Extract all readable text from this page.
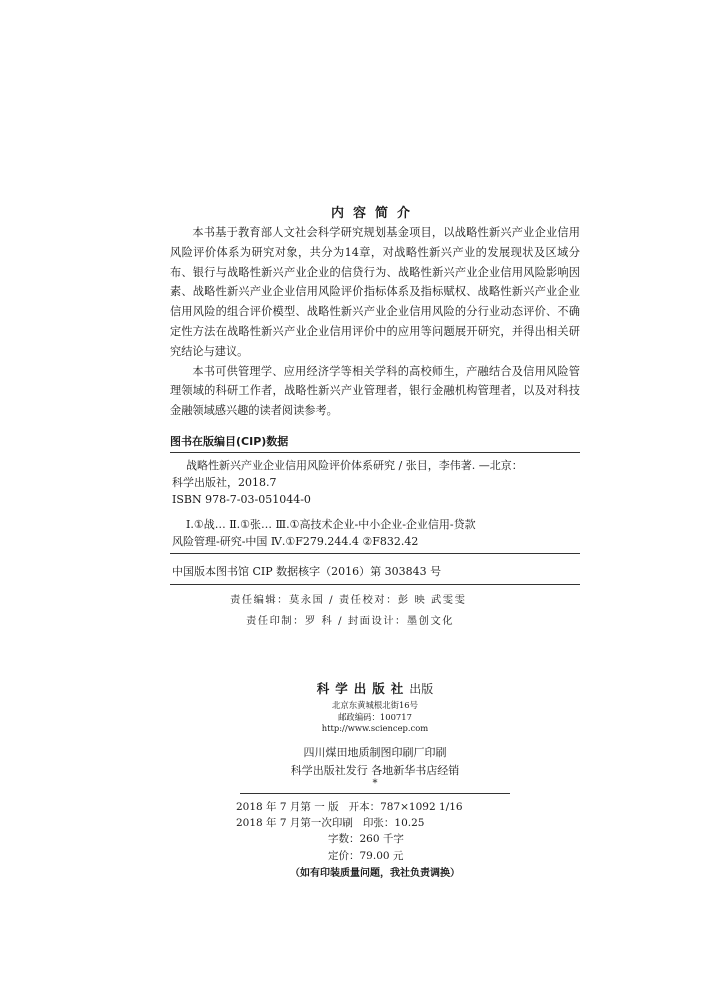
内容简介

本书基于教育部人文社会科学研究规划基金项目，以战略性新兴产业企业信用风险评价体系为研究对象，共分为14章，对战略性新兴产业的发展现状及区域分布、银行与战略性新兴产业企业的信贷行为、战略性新兴产业企业信用风险影响因素、战略性新兴产业企业信用风险评价指标体系及指标赋权、战略性新兴产业企业信用风险的组合评价模型、战略性新兴产业企业信用风险的分行业动态评价、不确定性方法在战略性新兴产业企业信用评价中的应用等问题展开研究，并得出相关研究结论与建议。

本书可供管理学、应用经济学等相关学科的高校师生，产融结合及信用风险管理领域的科研工作者，战略性新兴产业管理者，银行金融机构管理者，以及对科技金融领域感兴趣的读者阅读参考。

图书在版编目(CIP)数据
战略性新兴产业企业信用风险评价体系研究 / 张目，李伟著. —北京：
科学出版社，2018.7
ISBN 978-7-03-051044-0
Ⅰ.①战… Ⅱ.①张… Ⅲ.①高技术企业-中小企业-企业信用-贷款
风险管理-研究-中国 Ⅳ.①F279.244.4 ②F832.42
中国版本图书馆 CIP 数据核字（2016）第 303843 号
责任编辑：莫永国 / 责任校对：彭 映 武雯雯
责任印制：罗 科 / 封面设计：墨创文化
科学出版社出版
北京东黄城根北街16号
邮政编码：100717
http://www.sciencep.com
四川煤田地质制图印刷厂印刷
科学出版社发行 各地新华书店经销
*
2018 年 7 月第 一 版 开本：787×1092 1/16
2018 年 7 月第一次印刷 印张：10.25
字数：260 千字
定价：79.00 元
（如有印装质量问题，我社负责调换）
